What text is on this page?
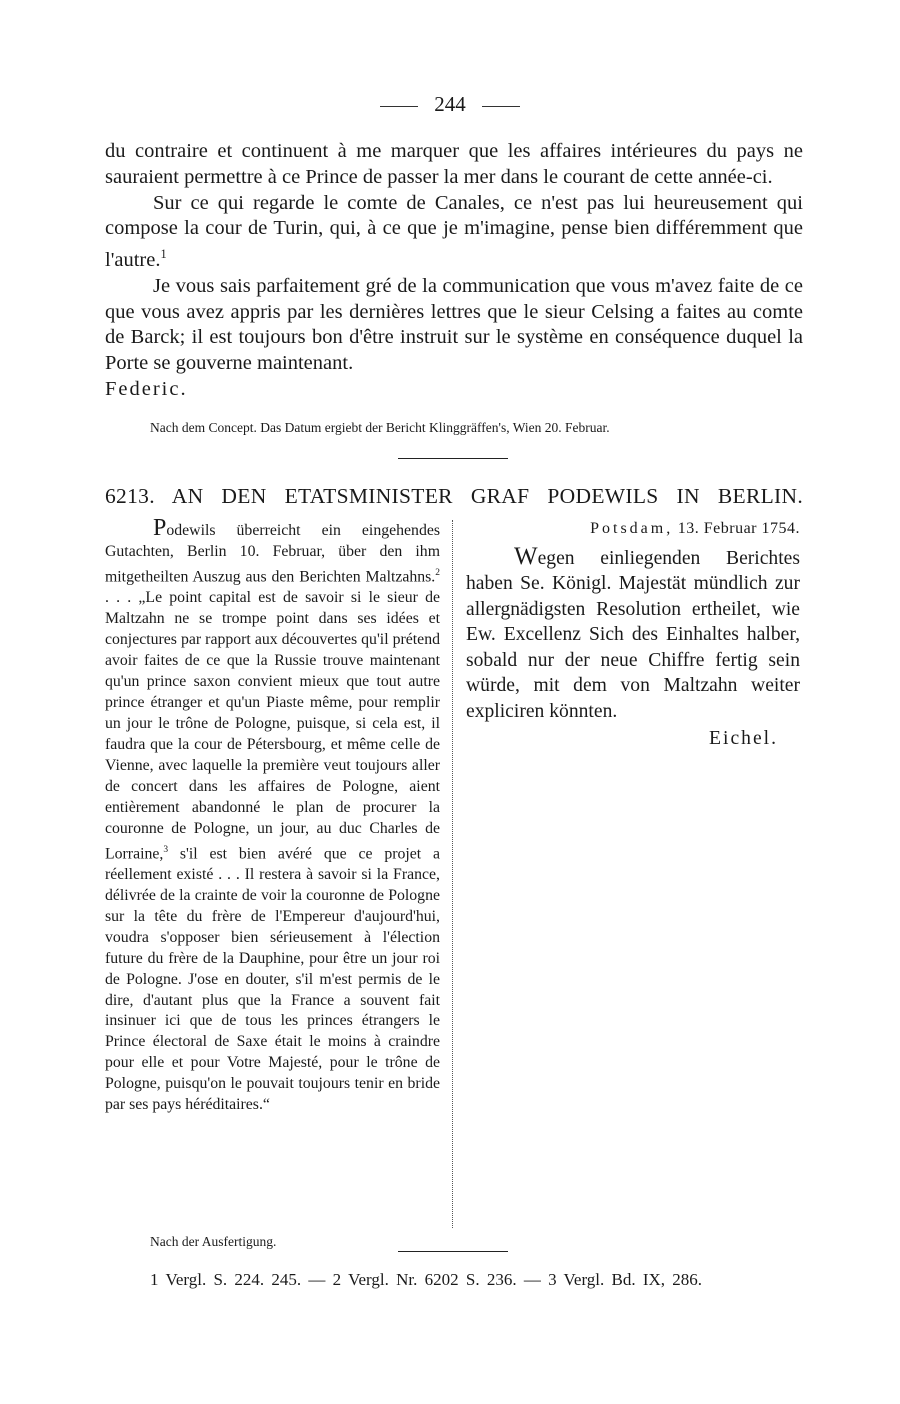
244

du contraire et continuent à me marquer que les affaires intérieures du pays ne sauraient permettre à ce Prince de passer la mer dans le courant de cette année-ci.

Sur ce qui regarde le comte de Canales, ce n'est pas lui heureusement qui compose la cour de Turin, qui, à ce que je m'imagine, pense bien différemment que l'autre.$^1$

Je vous sais parfaitement gré de la communication que vous m'avez faite de ce que vous avez appris par les dernières lettres que le sieur Celsing a faites au comte de Barck; il est toujours bon d'être instruit sur le système en conséquence duquel la Porte se gouverne maintenant.

Federic.

Nach dem Concept. Das Datum ergiebt der Bericht Klinggräffen's, Wien 20. Februar.
6213. AN DEN ETATSMINISTER GRAF PODEWILS IN BERLIN.

Podewils überreicht ein eingehendes Gutachten, Berlin 10. Februar, über den ihm mitgetheilten Auszug aus den Berichten Maltzahns.$^2$ . . . „Le point capital est de savoir si le sieur de Maltzahn ne se trompe point dans ses idées et conjectures par rapport aux découvertes qu'il prétend avoir faites de ce que la Russie trouve maintenant qu'un prince saxon convient mieux que tout autre prince étranger et qu'un Piaste même, pour remplir un jour le trône de Pologne, puisque, si cela est, il faudra que la cour de Pétersbourg, et même celle de Vienne, avec laquelle la première veut toujours aller de concert dans les affaires de Pologne, aient entièrement abandonné le plan de procurer la couronne de Pologne, un jour, au duc Charles de Lorraine,$^3$ s'il est bien avéré que ce projet a réellement existé . . . Il restera à savoir si la France, délivrée de la crainte de voir la couronne de Pologne sur la tête du frère de l'Empereur d'aujourd'hui, voudra s'opposer bien sérieusement à l'élection future du frère de la Dauphine, pour être un jour roi de Pologne. J'ose en douter, s'il m'est permis de le dire, d'autant plus que la France a souvent fait insinuer ici que de tous les princes étrangers le Prince électoral de Saxe était le moins à craindre pour elle et pour Votre Majesté, pour le trône de Pologne, puisqu'on le pouvait toujours tenir en bride par ses pays héréditaires.“

Nach der Ausfertigung.
Potsdam, 13. Februar 1754.

Wegen einliegenden Berichtes haben Se. Königl. Majestät mündlich zur allergnädigsten Resolution ertheilet, wie Ew. Excellenz Sich des Einhaltes halber, sobald nur der neue Chiffre fertig sein würde, mit dem von Maltzahn weiter expliciren könnten.

Eichel.
1 Vergl. S. 224. 245. — 2 Vergl. Nr. 6202 S. 236. — 3 Vergl. Bd. IX, 286.
